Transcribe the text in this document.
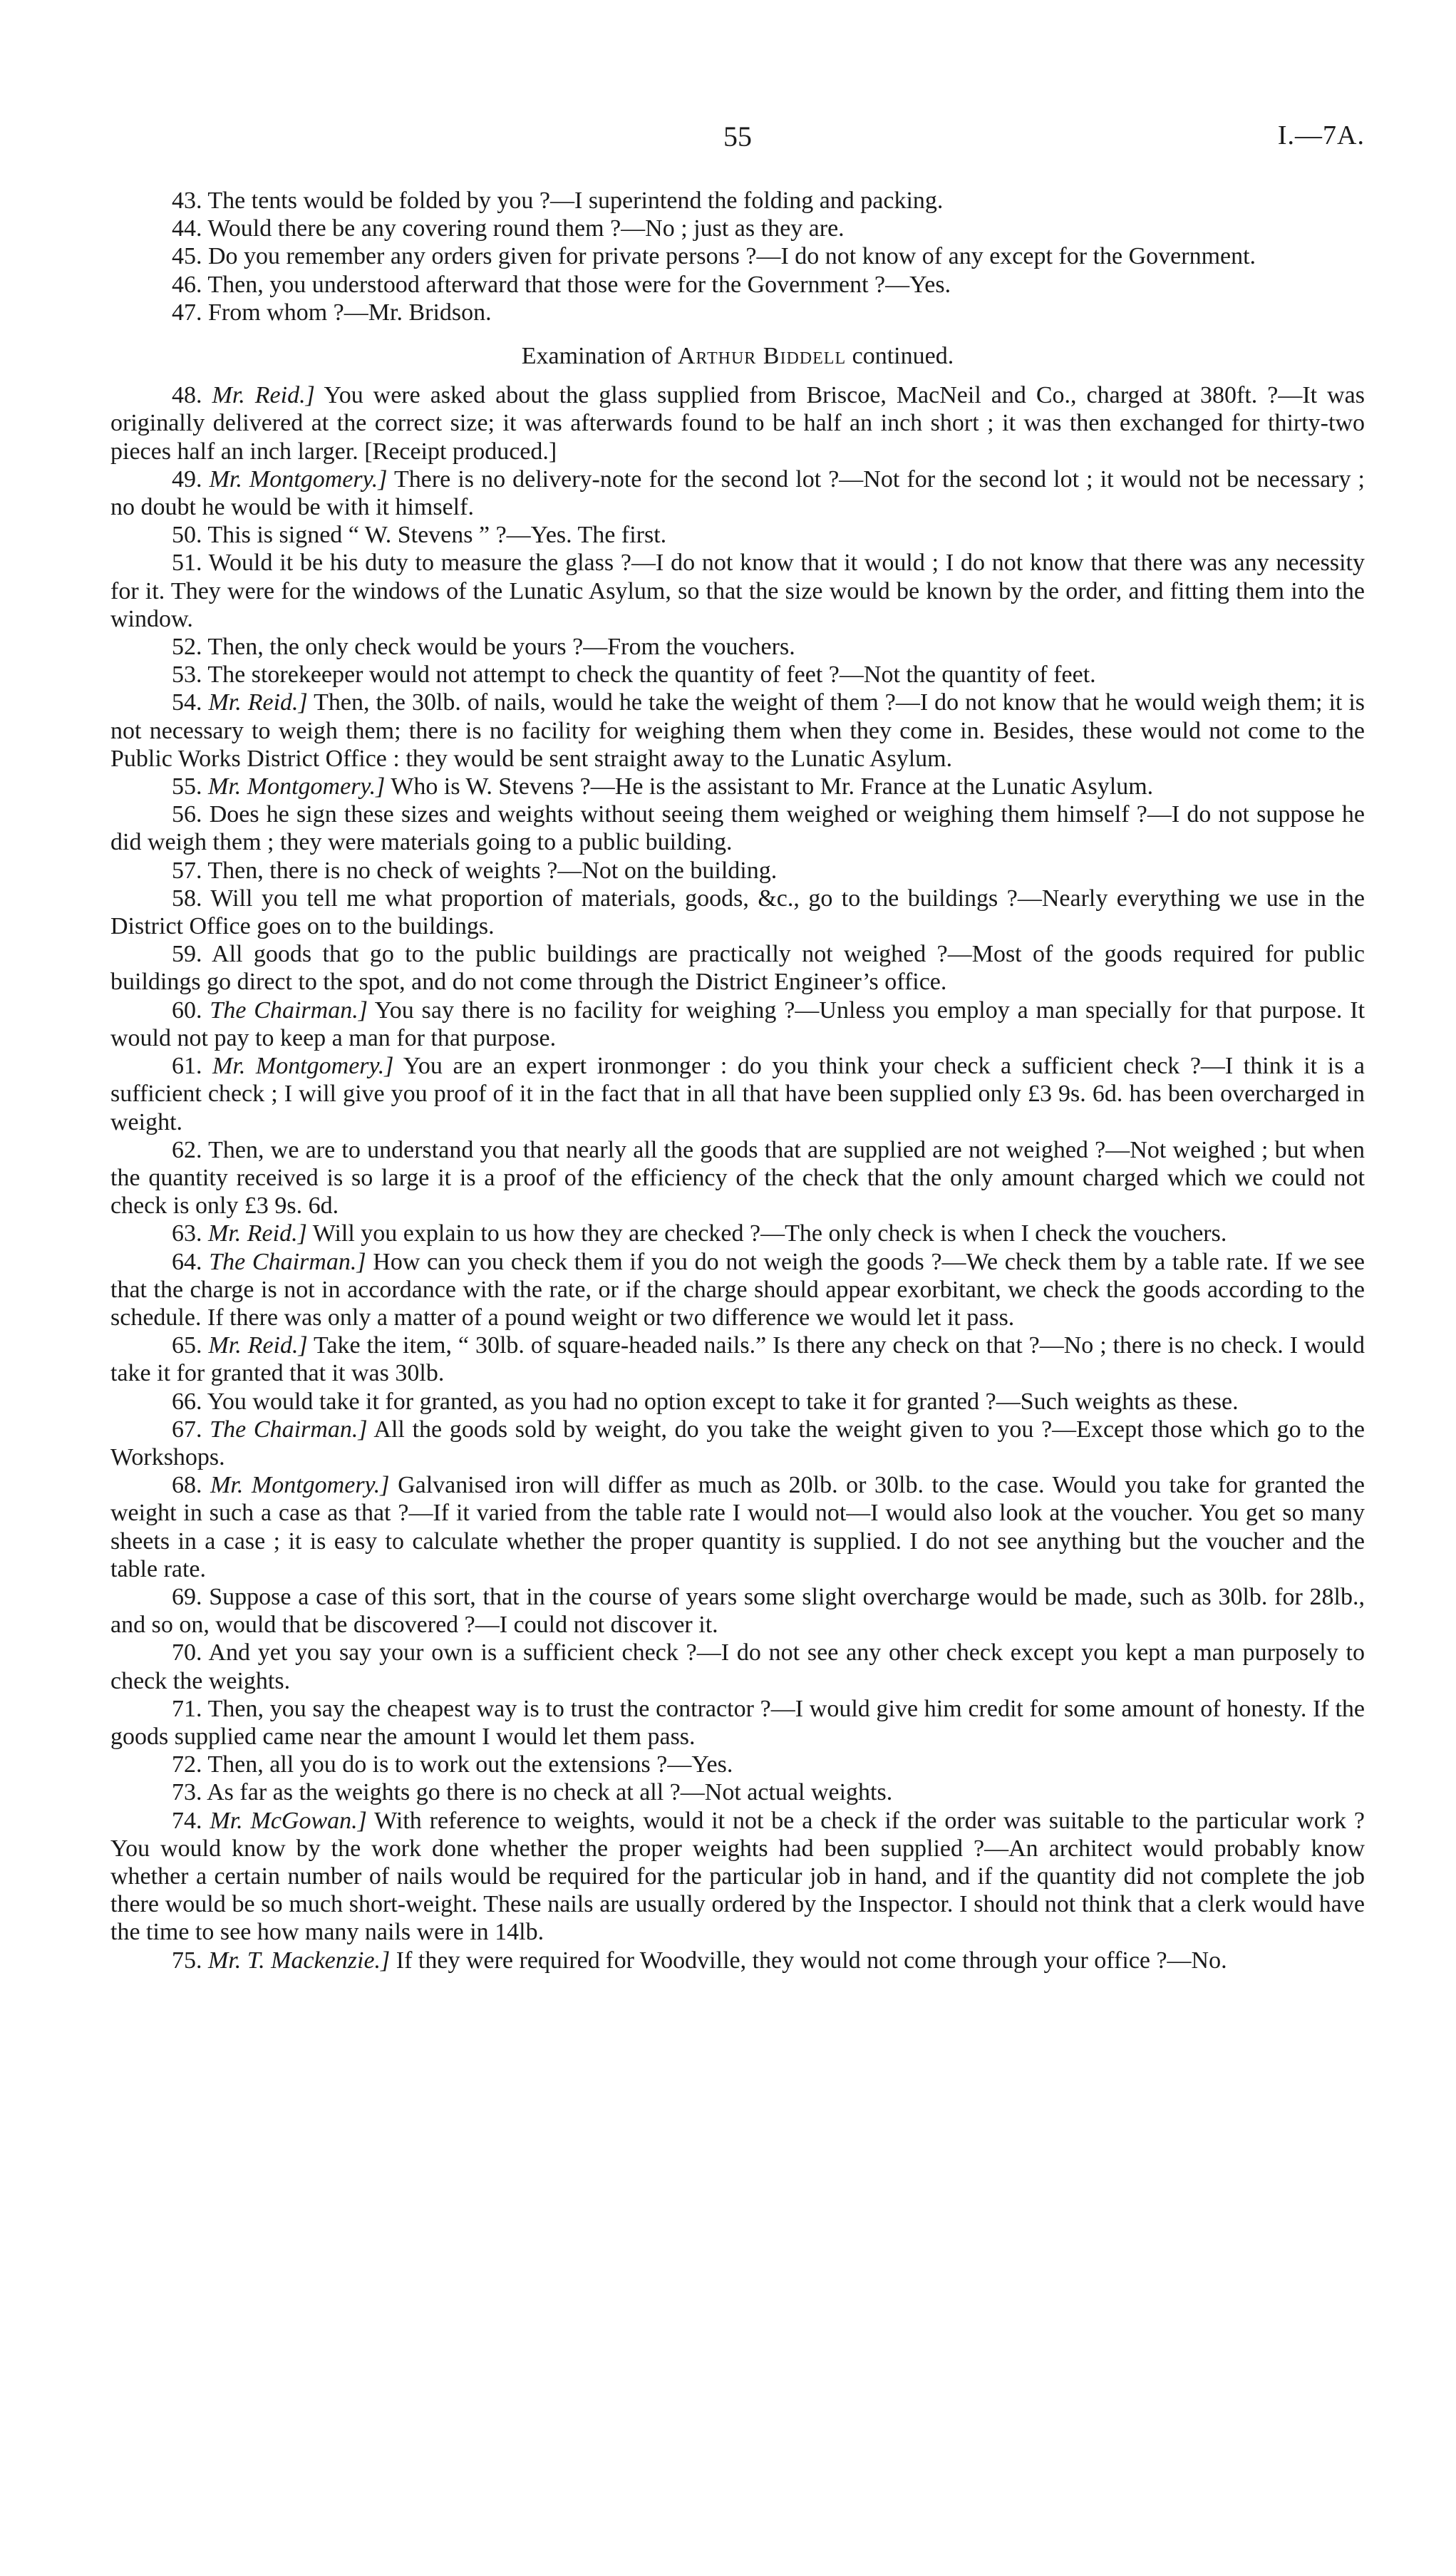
55	I.—7A.

43. The tents would be folded by you ?—I superintend the folding and packing.

44. Would there be any covering round them ?—No ; just as they are.

45. Do you remember any orders given for private persons ?—I do not know of any except for the Government.

46. Then, you understood afterward that those were for the Government ?—Yes.

47. From whom ?—Mr. Bridson.

Examination of Arthur Biddell continued.

48. Mr. Reid.] You were asked about the glass supplied from Briscoe, MacNeil and Co., charged at 380ft. ?—It was originally delivered at the correct size; it was afterwards found to be half an inch short ; it was then exchanged for thirty-two pieces half an inch larger. [Receipt produced.]

49. Mr. Montgomery.] There is no delivery-note for the second lot ?—Not for the second lot ; it would not be necessary ; no doubt he would be with it himself.

50. This is signed “ W. Stevens ” ?—Yes. The first.

51. Would it be his duty to measure the glass ?—I do not know that it would ; I do not know that there was any necessity for it. They were for the windows of the Lunatic Asylum, so that the size would be known by the order, and fitting them into the window.

52. Then, the only check would be yours ?—From the vouchers.

53. The storekeeper would not attempt to check the quantity of feet ?—Not the quantity of feet.

54. Mr. Reid.] Then, the 30lb. of nails, would he take the weight of them ?—I do not know that he would weigh them; it is not necessary to weigh them; there is no facility for weighing them when they come in. Besides, these would not come to the Public Works District Office : they would be sent straight away to the Lunatic Asylum.

55. Mr. Montgomery.] Who is W. Stevens ?—He is the assistant to Mr. France at the Lunatic Asylum.

56. Does he sign these sizes and weights without seeing them weighed or weighing them himself ?—I do not suppose he did weigh them ; they were materials going to a public building.

57. Then, there is no check of weights ?—Not on the building.

58. Will you tell me what proportion of materials, goods, &c., go to the buildings ?—Nearly everything we use in the District Office goes on to the buildings.

59. All goods that go to the public buildings are practically not weighed ?—Most of the goods required for public buildings go direct to the spot, and do not come through the District Engineer’s office.

60. The Chairman.] You say there is no facility for weighing ?—Unless you employ a man specially for that purpose. It would not pay to keep a man for that purpose.

61. Mr. Montgomery.] You are an expert ironmonger : do you think your check a sufficient check ?—I think it is a sufficient check ; I will give you proof of it in the fact that in all that have been supplied only £3 9s. 6d. has been overcharged in weight.

62. Then, we are to understand you that nearly all the goods that are supplied are not weighed ?—Not weighed ; but when the quantity received is so large it is a proof of the efficiency of the check that the only amount charged which we could not check is only £3 9s. 6d.

63. Mr. Reid.] Will you explain to us how they are checked ?—The only check is when I check the vouchers.

64. The Chairman.] How can you check them if you do not weigh the goods ?—We check them by a table rate. If we see that the charge is not in accordance with the rate, or if the charge should appear exorbitant, we check the goods according to the schedule. If there was only a matter of a pound weight or two difference we would let it pass.

65. Mr. Reid.] Take the item, “ 30lb. of square-headed nails.” Is there any check on that ?—No ; there is no check. I would take it for granted that it was 30lb.

66. You would take it for granted, as you had no option except to take it for granted ?—Such weights as these.

67. The Chairman.] All the goods sold by weight, do you take the weight given to you ?—Except those which go to the Workshops.

68. Mr. Montgomery.] Galvanised iron will differ as much as 20lb. or 30lb. to the case. Would you take for granted the weight in such a case as that ?—If it varied from the table rate I would not—I would also look at the voucher. You get so many sheets in a case ; it is easy to calculate whether the proper quantity is supplied. I do not see anything but the voucher and the table rate.

69. Suppose a case of this sort, that in the course of years some slight overcharge would be made, such as 30lb. for 28lb., and so on, would that be discovered ?—I could not discover it.

70. And yet you say your own is a sufficient check ?—I do not see any other check except you kept a man purposely to check the weights.

71. Then, you say the cheapest way is to trust the contractor ?—I would give him credit for some amount of honesty. If the goods supplied came near the amount I would let them pass.

72. Then, all you do is to work out the extensions ?—Yes.

73. As far as the weights go there is no check at all ?—Not actual weights.

74. Mr. McGowan.] With reference to weights, would it not be a check if the order was suitable to the particular work ? You would know by the work done whether the proper weights had been supplied ?—An architect would probably know whether a certain number of nails would be required for the particular job in hand, and if the quantity did not complete the job there would be so much short-weight. These nails are usually ordered by the Inspector. I should not think that a clerk would have the time to see how many nails were in 14lb.

75. Mr. T. Mackenzie.] If they were required for Woodville, they would not come through your office ?—No.
